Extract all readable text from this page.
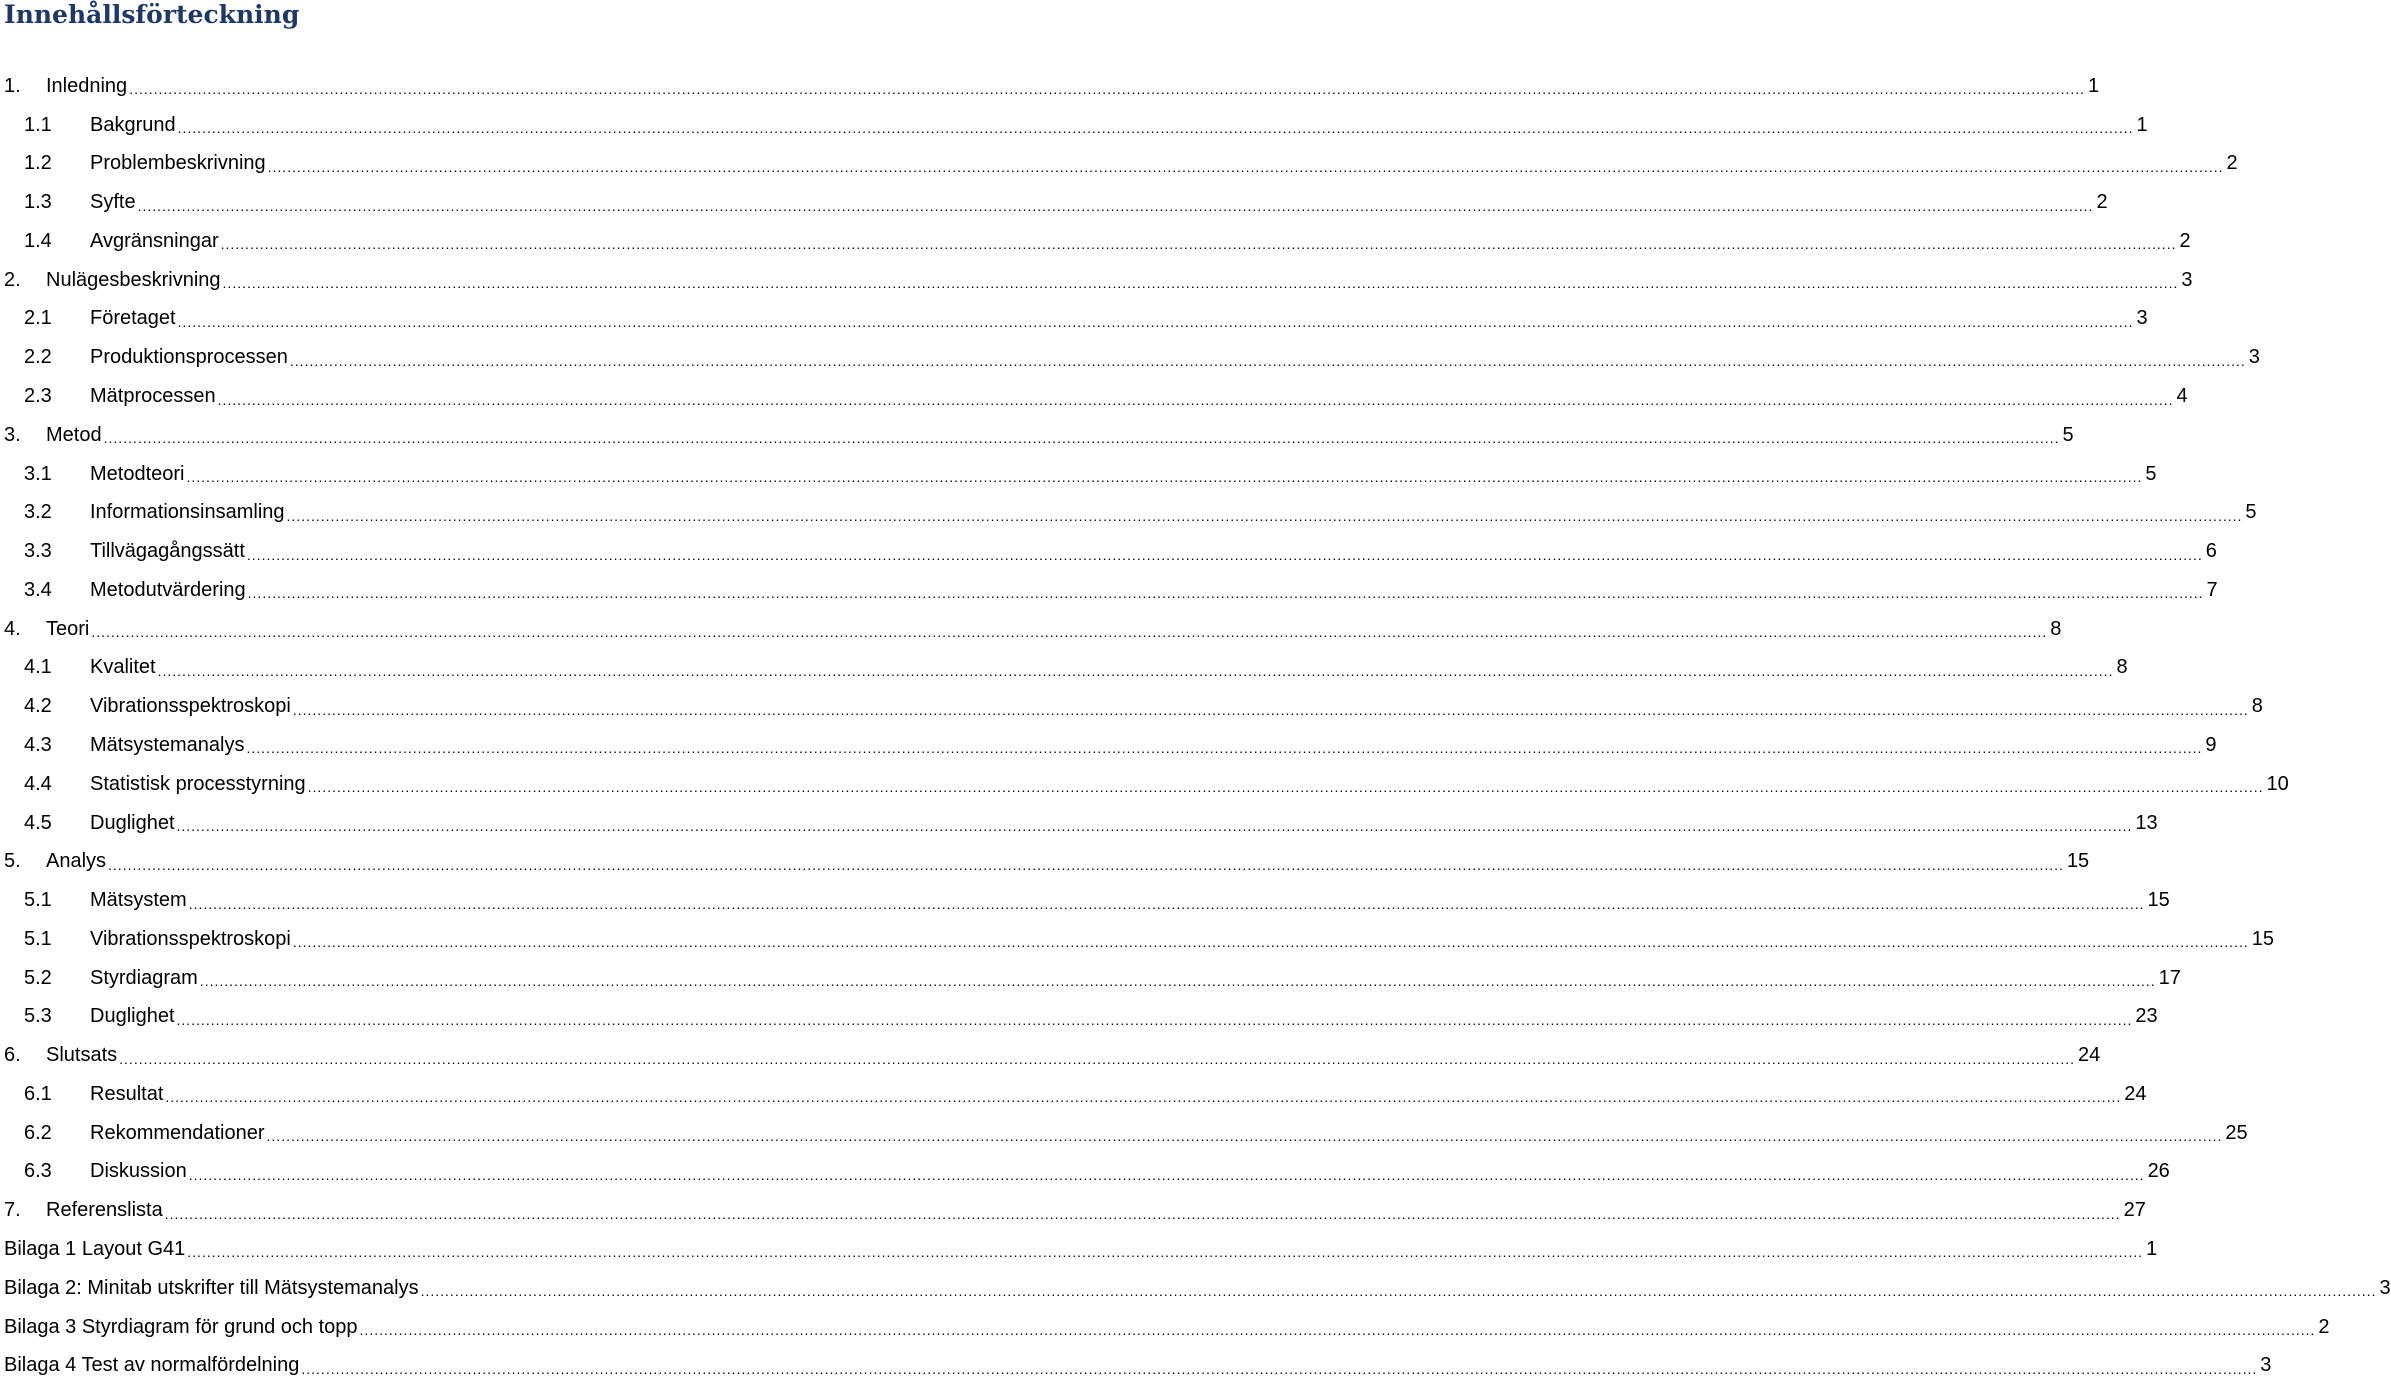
Innehållsförteckning
1.	Inledning ................................................................................................................................................................................................................................................................................................................................................................................................................ 1
1.1	Bakgrund ................................................................................................................................................................................................................................................................................................................................................................................................................ 1
1.2	Problembeskrivning ................................................................................................................................................................................................................................................................................................................................................................................................................ 2
1.3	Syfte ................................................................................................................................................................................................................................................................................................................................................................................................................ 2
1.4	Avgränsningar ................................................................................................................................................................................................................................................................................................................................................................................................................ 2
2.	Nulägesbeskrivning ................................................................................................................................................................................................................................................................................................................................................................................................................ 3
2.1	Företaget ................................................................................................................................................................................................................................................................................................................................................................................................................ 3
2.2	Produktionsprocessen ................................................................................................................................................................................................................................................................................................................................................................................................................ 3
2.3	Mätprocessen ................................................................................................................................................................................................................................................................................................................................................................................................................ 4
3.	Metod ................................................................................................................................................................................................................................................................................................................................................................................................................ 5
3.1	Metodteori ................................................................................................................................................................................................................................................................................................................................................................................................................ 5
3.2	Informationsinsamling ................................................................................................................................................................................................................................................................................................................................................................................................................ 5
3.3	Tillvägagångssätt ................................................................................................................................................................................................................................................................................................................................................................................................................ 6
3.4	Metodutvärdering ................................................................................................................................................................................................................................................................................................................................................................................................................ 7
4.	Teori ................................................................................................................................................................................................................................................................................................................................................................................................................ 8
4.1	Kvalitet ................................................................................................................................................................................................................................................................................................................................................................................................................ 8
4.2	Vibrationsspektroskopi ................................................................................................................................................................................................................................................................................................................................................................................................................ 8
4.3	Mätsystemanalys ................................................................................................................................................................................................................................................................................................................................................................................................................ 9
4.4	Statistisk processtyrning ................................................................................................................................................................................................................................................................................................................................................................................................................ 10
4.5	Duglighet ................................................................................................................................................................................................................................................................................................................................................................................................................ 13
5.	Analys ................................................................................................................................................................................................................................................................................................................................................................................................................ 15
5.1	Mätsystem ................................................................................................................................................................................................................................................................................................................................................................................................................ 15
5.1	Vibrationsspektroskopi ................................................................................................................................................................................................................................................................................................................................................................................................................ 15
5.2	Styrdiagram ................................................................................................................................................................................................................................................................................................................................................................................................................ 17
5.3	Duglighet ................................................................................................................................................................................................................................................................................................................................................................................................................ 23
6.	Slutsats ................................................................................................................................................................................................................................................................................................................................................................................................................ 24
6.1	Resultat ................................................................................................................................................................................................................................................................................................................................................................................................................ 24
6.2	Rekommendationer ................................................................................................................................................................................................................................................................................................................................................................................................................ 25
6.3	Diskussion ................................................................................................................................................................................................................................................................................................................................................................................................................ 26
7.	Referenslista ................................................................................................................................................................................................................................................................................................................................................................................................................ 27
Bilaga 1 Layout G41 ................................................................................................................................................................................................................................................................................................................................................................................................................ 1
Bilaga 2: Minitab utskrifter till Mätsystemanalys ................................................................................................................................................................................................................................................................................................................................................................................................................ 3
Bilaga 3 Styrdiagram för grund och topp ................................................................................................................................................................................................................................................................................................................................................................................................................ 2
Bilaga 4 Test av normalfördelning ................................................................................................................................................................................................................................................................................................................................................................................................................ 3
